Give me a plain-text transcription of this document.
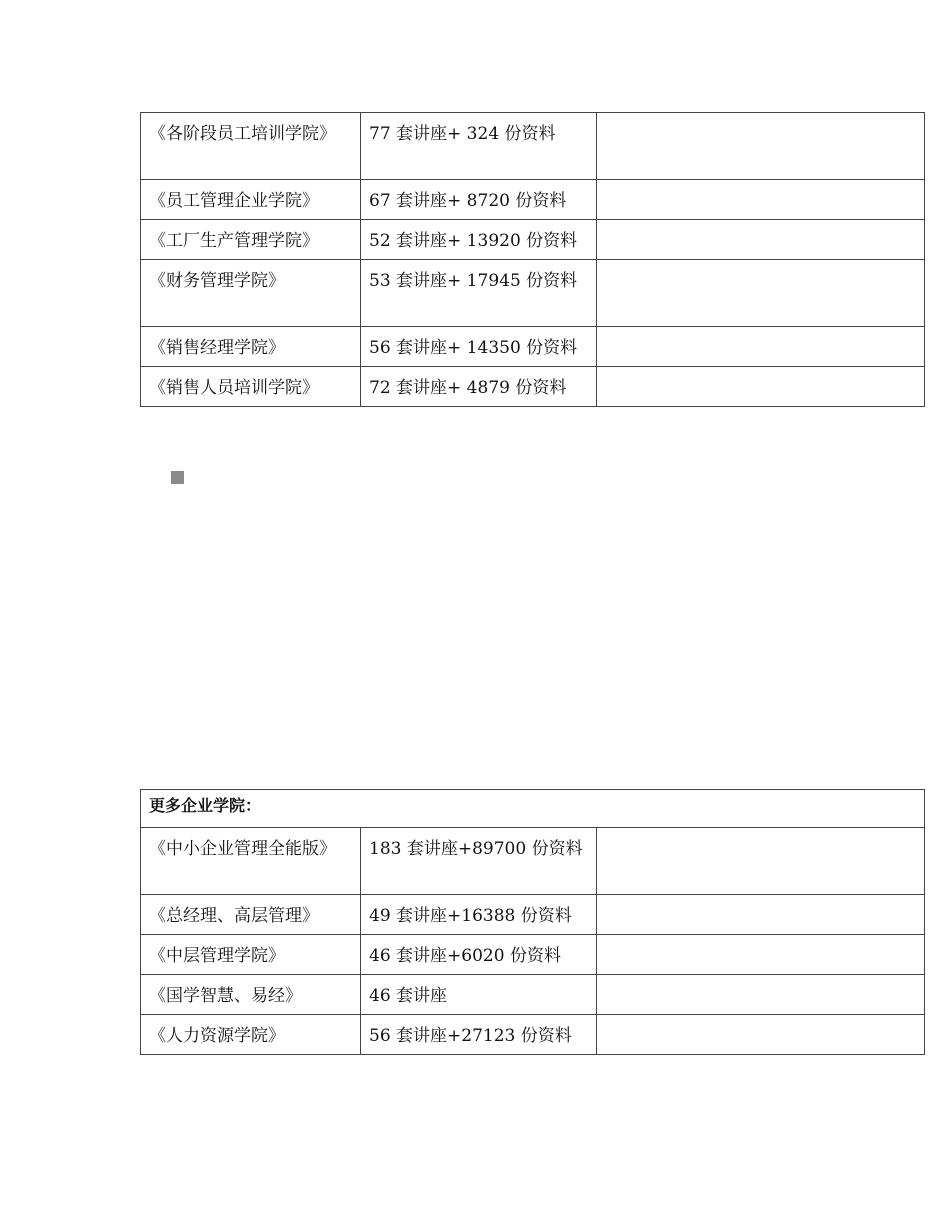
《各阶段员工培训学院》	77 套讲座+ 324 份资料	
《员工管理企业学院》	67 套讲座+ 8720 份资料	
《工厂生产管理学院》	52 套讲座+ 13920 份资料	
《财务管理学院》	53 套讲座+ 17945 份资料	
《销售经理学院》	56 套讲座+ 14350 份资料	
《销售人员培训学院》	72 套讲座+ 4879 份资料	
更多企业学院：		
《中小企业管理全能版》	183 套讲座+89700 份资料	
《总经理、高层管理》	49 套讲座+16388 份资料	
《中层管理学院》	46 套讲座+6020 份资料	
《国学智慧、易经》	46 套讲座	
《人力资源学院》	56 套讲座+27123 份资料	
